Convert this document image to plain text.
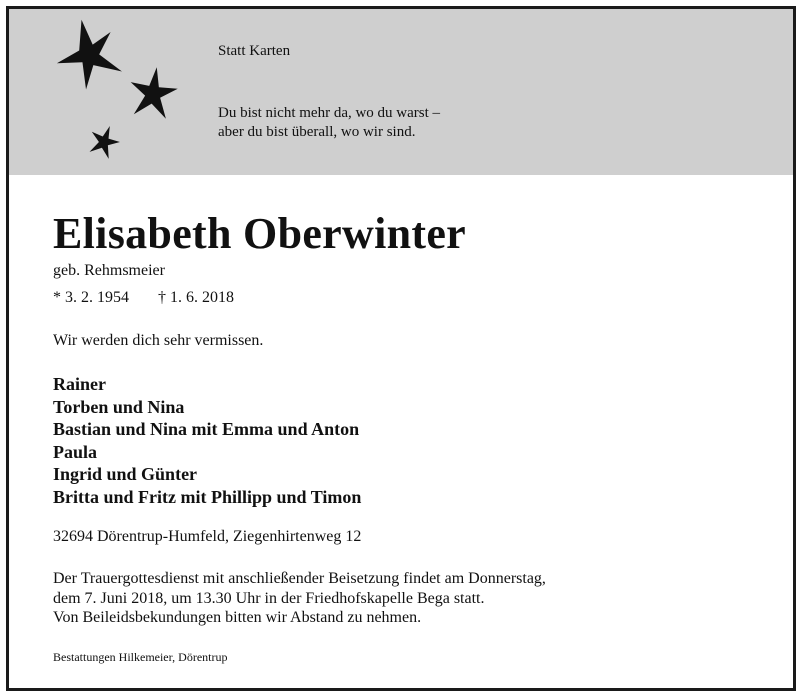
Statt Karten
Du bist nicht mehr da, wo du warst –
aber du bist überall, wo wir sind.
Elisabeth Oberwinter
geb. Rehmsmeier
* 3. 2. 1954 † 1. 6. 2018
Wir werden dich sehr vermissen.
Rainer
Torben und Nina
Bastian und Nina mit Emma und Anton
Paula
Ingrid und Günter
Britta und Fritz mit Phillipp und Timon
32694 Dörentrup-Humfeld, Ziegenhirtenweg 12
Der Trauergottesdienst mit anschließender Beisetzung findet am Donnerstag,
dem 7. Juni 2018, um 13.30 Uhr in der Friedhofskapelle Bega statt.
Von Beileidsbekundungen bitten wir Abstand zu nehmen.
Bestattungen Hilkemeier, Dörentrup
